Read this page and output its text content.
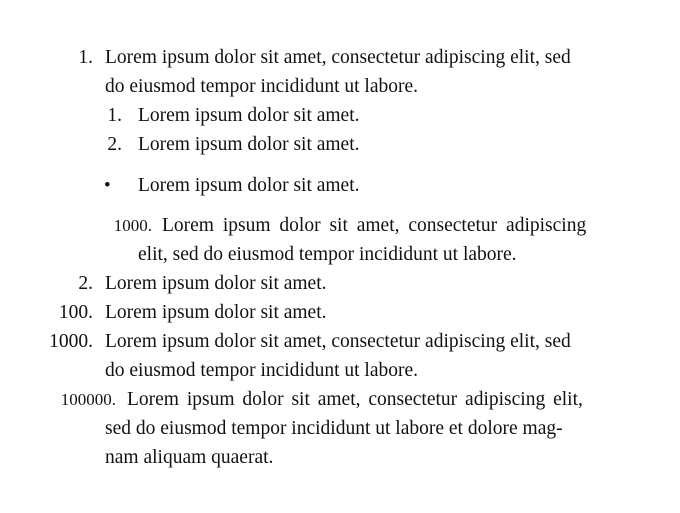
1. Lorem ipsum dolor sit amet, consectetur adipiscing elit, sed
do eiusmod tempor incididunt ut labore.
1. Lorem ipsum dolor sit amet.
2. Lorem ipsum dolor sit amet.
• Lorem ipsum dolor sit amet.
1000. Lorem ipsum dolor sit amet, consectetur adipiscing
elit, sed do eiusmod tempor incididunt ut labore.
2. Lorem ipsum dolor sit amet.
100. Lorem ipsum dolor sit amet.
1000. Lorem ipsum dolor sit amet, consectetur adipiscing elit, sed
do eiusmod tempor incididunt ut labore.
100000. Lorem ipsum dolor sit amet, consectetur adipiscing elit,
sed do eiusmod tempor incididunt ut labore et dolore mag-
nam aliquam quaerat.
